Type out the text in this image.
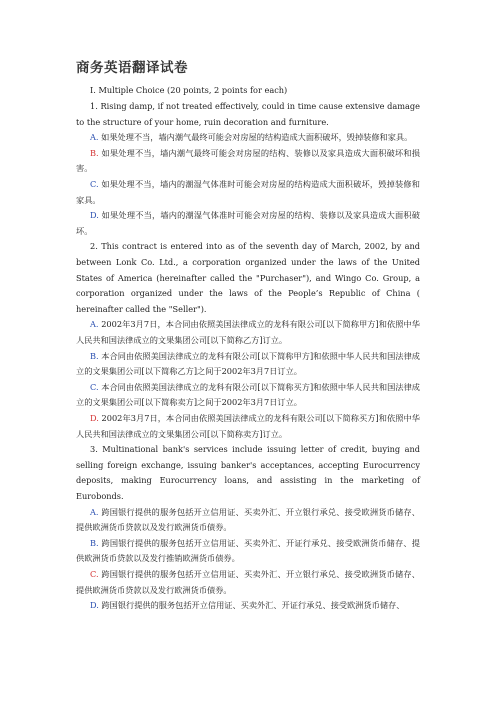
商务英语翻译试卷

I. Multiple Choice (20 points, 2 points for each)

1. Rising damp, if not treated effectively, could in time cause extensive damage to the structure of your home, ruin decoration and furniture.

A. 如果处理不当，墙内潮气最终可能会对房屋的结构造成大面积破坏，毁掉装修和家具。

B. 如果处理不当，墙内潮气最终可能会对房屋的结构、装修以及家具造成大面积破坏和损害。

C. 如果处理不当，墙内的潮湿气体准时可能会对房屋的结构造成大面积破坏，毁掉装修和家具。

D. 如果处理不当，墙内的潮湿气体准时可能会对房屋的结构、装修以及家具造成大面积破坏。

2. This contract is entered into as of the seventh day of March, 2002, by and between Lonk Co. Ltd., a corporation organized under the laws of the United States of America (hereinafter called the "Purchaser"), and Wingo Co. Group, a corporation organized under the laws of the People’s Republic of China ( hereinafter called the "Seller").

A. 2002年3月7日，本合同由依照美国法律成立的龙科有限公司[以下简称甲方]和依照中华人民共和国法律成立的文果集团公司[以下简称乙方]订立。

B. 本合同由依照美国法律成立的龙科有限公司[以下简称甲方]和依照中华人民共和国法律成立的文果集团公司[以下简称乙方]之间于2002年3月7日订立。

C. 本合同由依照美国法律成立的龙科有限公司[以下简称买方]和依照中华人民共和国法律成立的文果集团公司[以下简称卖方]之间于2002年3月7日订立。

D. 2002年3月7日，本合同由依照美国法律成立的龙科有限公司[以下简称买方]和依照中华人民共和国法律成立的文果集团公司[以下简称卖方]订立。

3. Multinational bank's services include issuing letter of credit, buying and selling foreign exchange, issuing banker's acceptances, accepting Eurocurrency deposits, making Eurocurrency loans, and assisting in the marketing of Eurobonds.

A. 跨国银行提供的服务包括开立信用证、买卖外汇、开立银行承兑、接受欧洲货币储存、提供欧洲货币贷款以及发行欧洲货币债券。

B. 跨国银行提供的服务包括开立信用证、买卖外汇、开证行承兑、接受欧洲货币储存、提供欧洲货币贷款以及发行推销欧洲货币债券。

C. 跨国银行提供的服务包括开立信用证、买卖外汇、开立银行承兑、接受欧洲货币储存、提供欧洲货币贷款以及发行欧洲货币债券。

D. 跨国银行提供的服务包括开立信用证、买卖外汇、开证行承兑、接受欧洲货币储存、
